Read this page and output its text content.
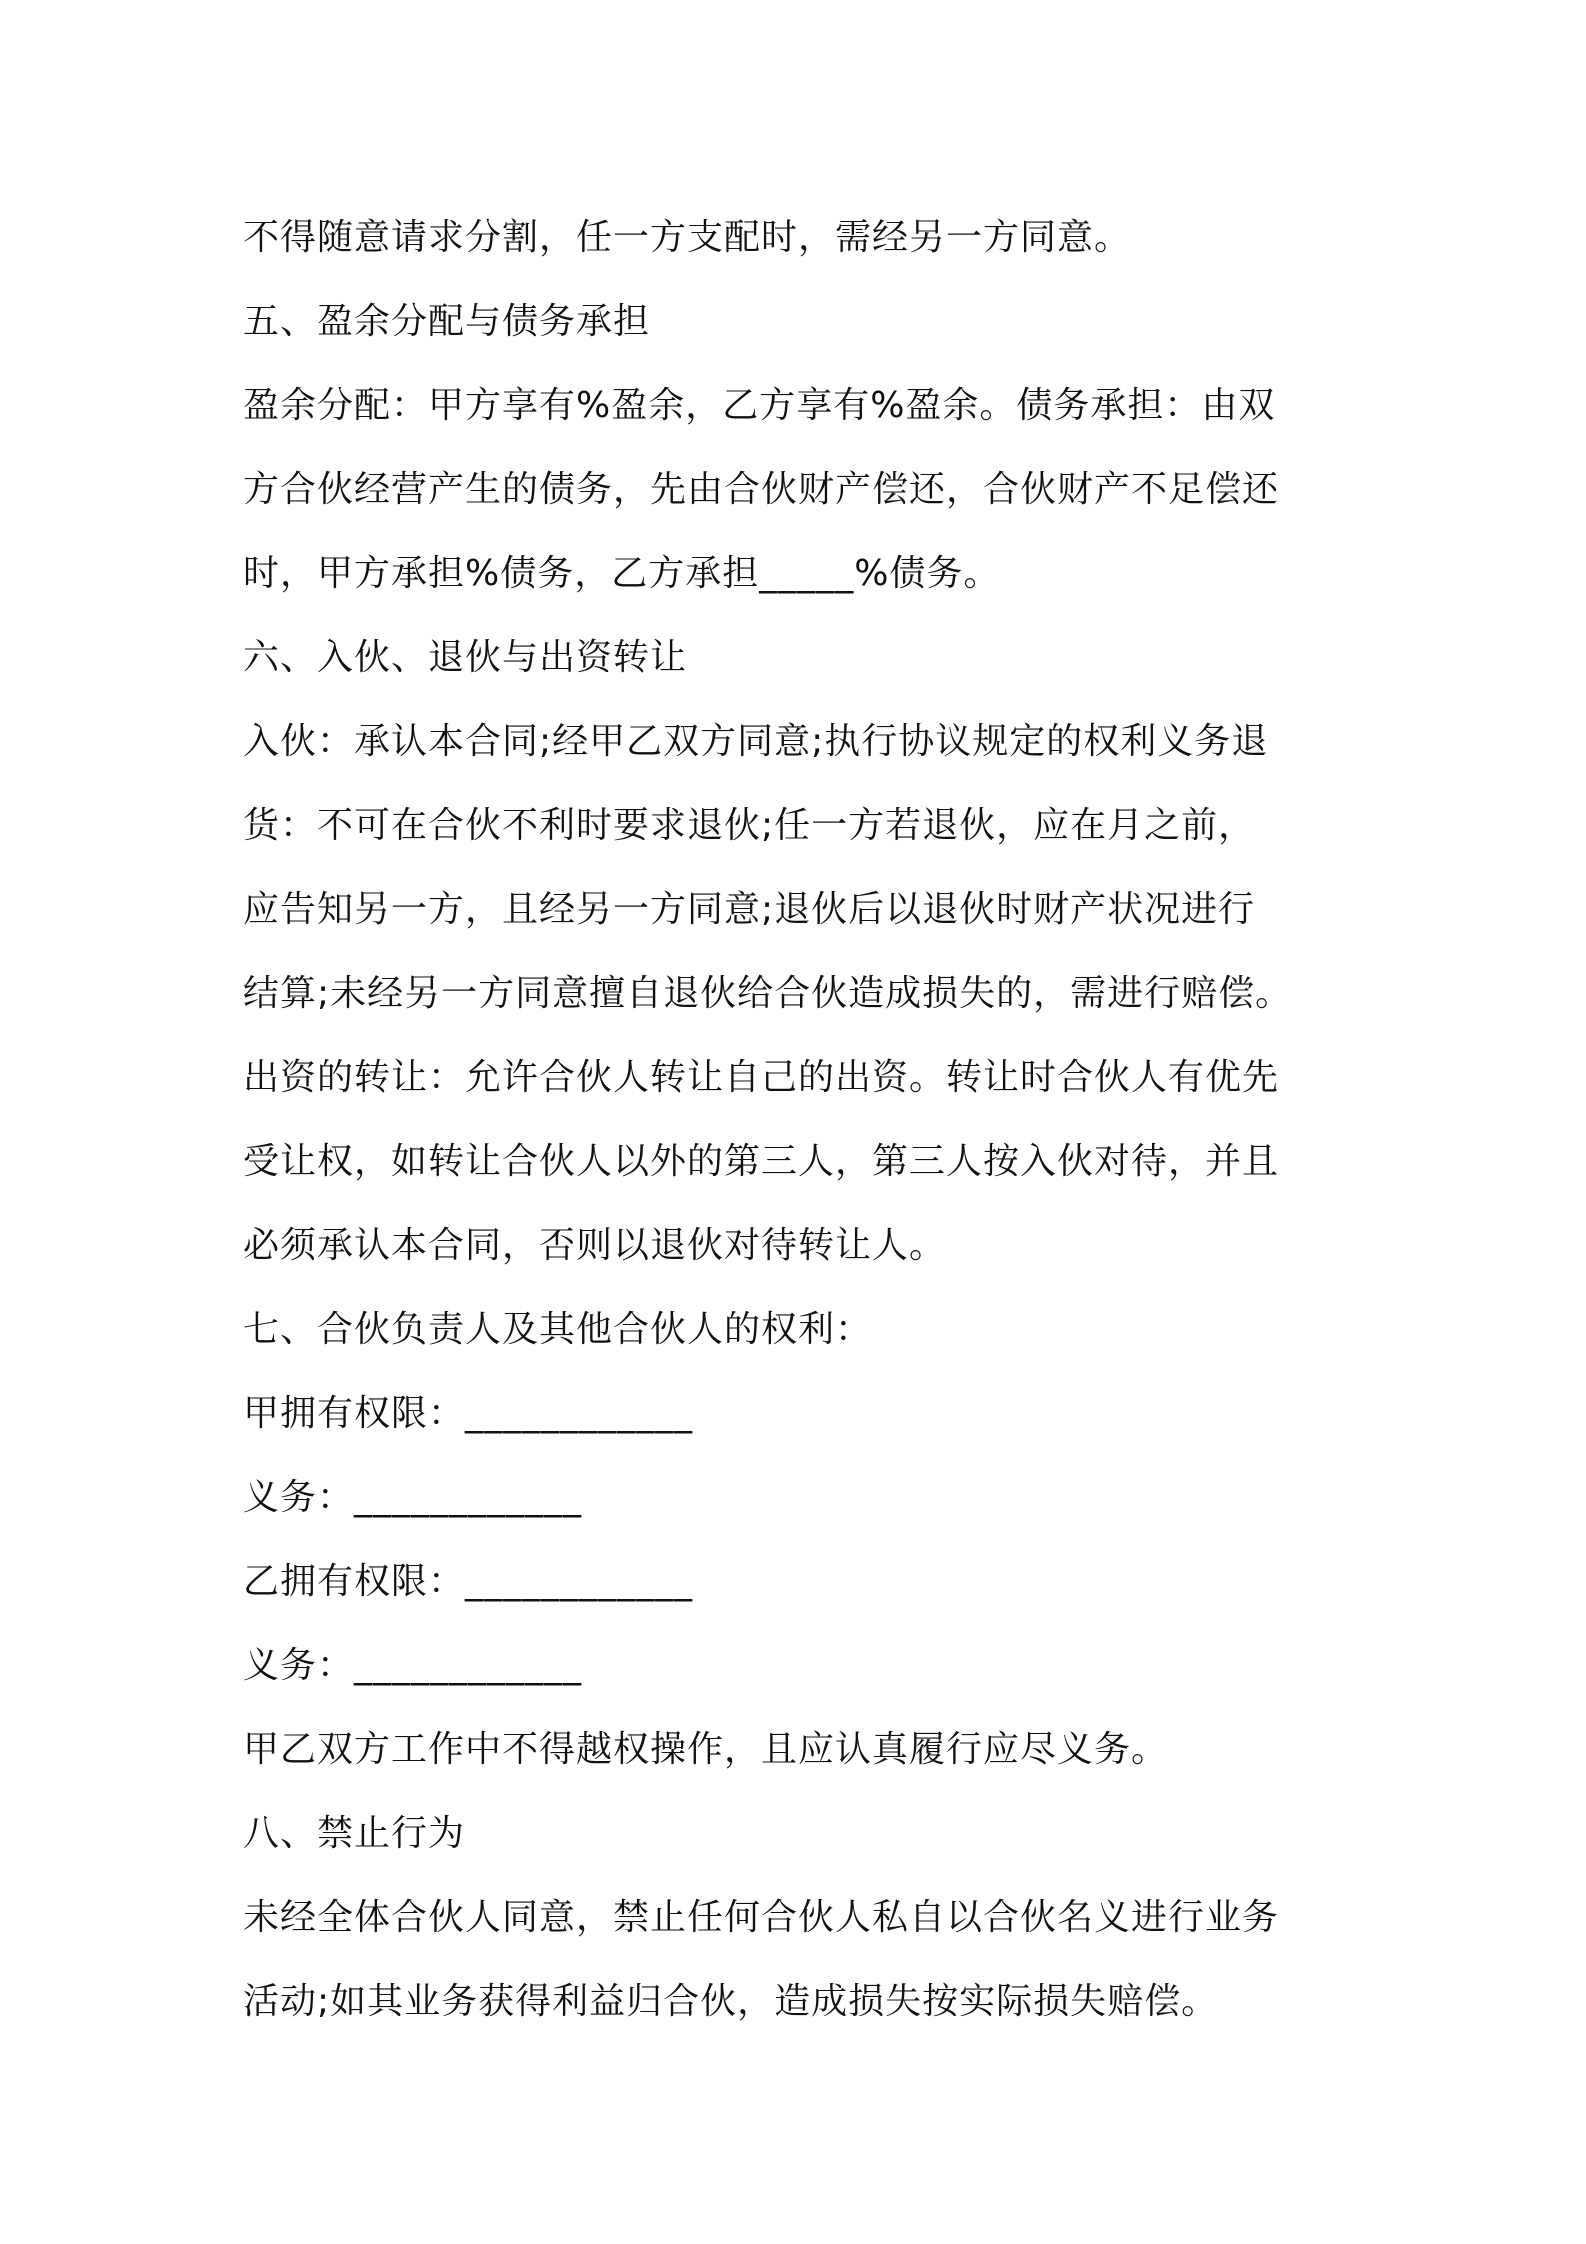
不得随意请求分割，任一方支配时，需经另一方同意。
五、盈余分配与债务承担
盈余分配：甲方享有%盈余，乙方享有%盈余。债务承担：由双
方合伙经营产生的债务，先由合伙财产偿还，合伙财产不足偿还
时，甲方承担%债务，乙方承担_____%债务。
六、入伙、退伙与出资转让
入伙：承认本合同;经甲乙双方同意;执行协议规定的权利义务退
货：不可在合伙不利时要求退伙;任一方若退伙，应在月之前，
应告知另一方，且经另一方同意;退伙后以退伙时财产状况进行
结算;未经另一方同意擅自退伙给合伙造成损失的，需进行赔偿。
出资的转让：允许合伙人转让自己的出资。转让时合伙人有优先
受让权，如转让合伙人以外的第三人，第三人按入伙对待，并且
必须承认本合同，否则以退伙对待转让人。
七、合伙负责人及其他合伙人的权利：
甲拥有权限：____________
义务：____________
乙拥有权限：____________
义务：____________
甲乙双方工作中不得越权操作，且应认真履行应尽义务。
八、禁止行为
未经全体合伙人同意，禁止任何合伙人私自以合伙名义进行业务
活动;如其业务获得利益归合伙，造成损失按实际损失赔偿。
